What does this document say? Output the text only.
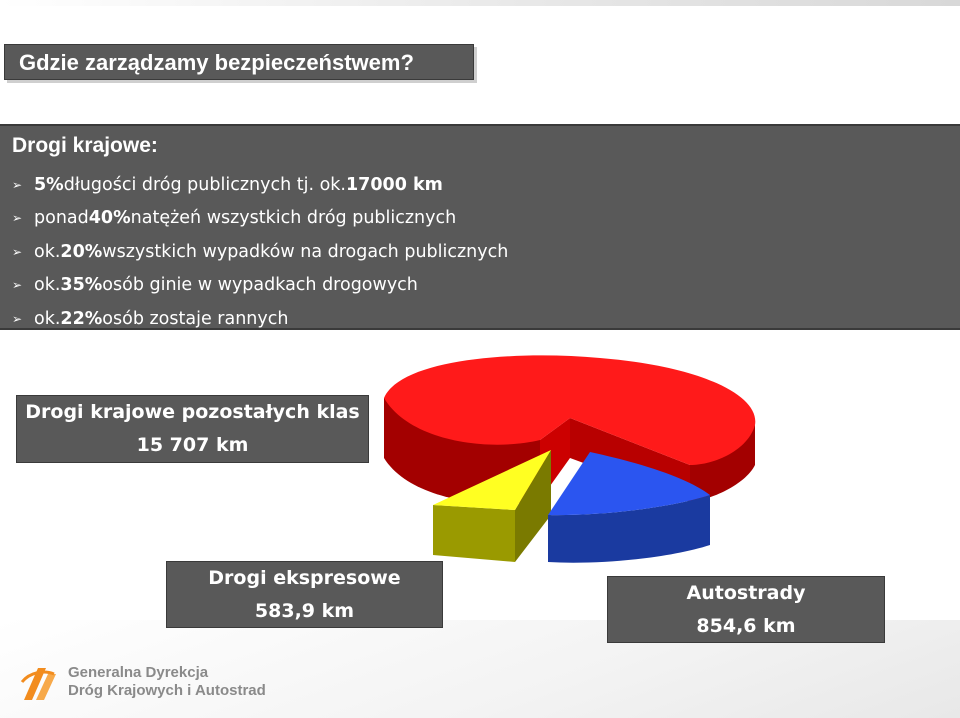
Gdzie zarządzamy bezpieczeństwem?
Drogi krajowe:
➢ 5% długości dróg publicznych tj. ok. 17000 km
➢ ponad 40% natężeń wszystkich dróg publicznych
➢ ok. 20% wszystkich wypadków na drogach publicznych
➢ ok. 35% osób ginie w wypadkach drogowych
➢ ok. 22% osób zostaje rannych
Drogi krajowe pozostałych klas
15 707 km
Drogi ekspresowe
583,9 km
Autostrady
854,6 km
Generalna Dyrekcja
Dróg Krajowych i Autostrad
